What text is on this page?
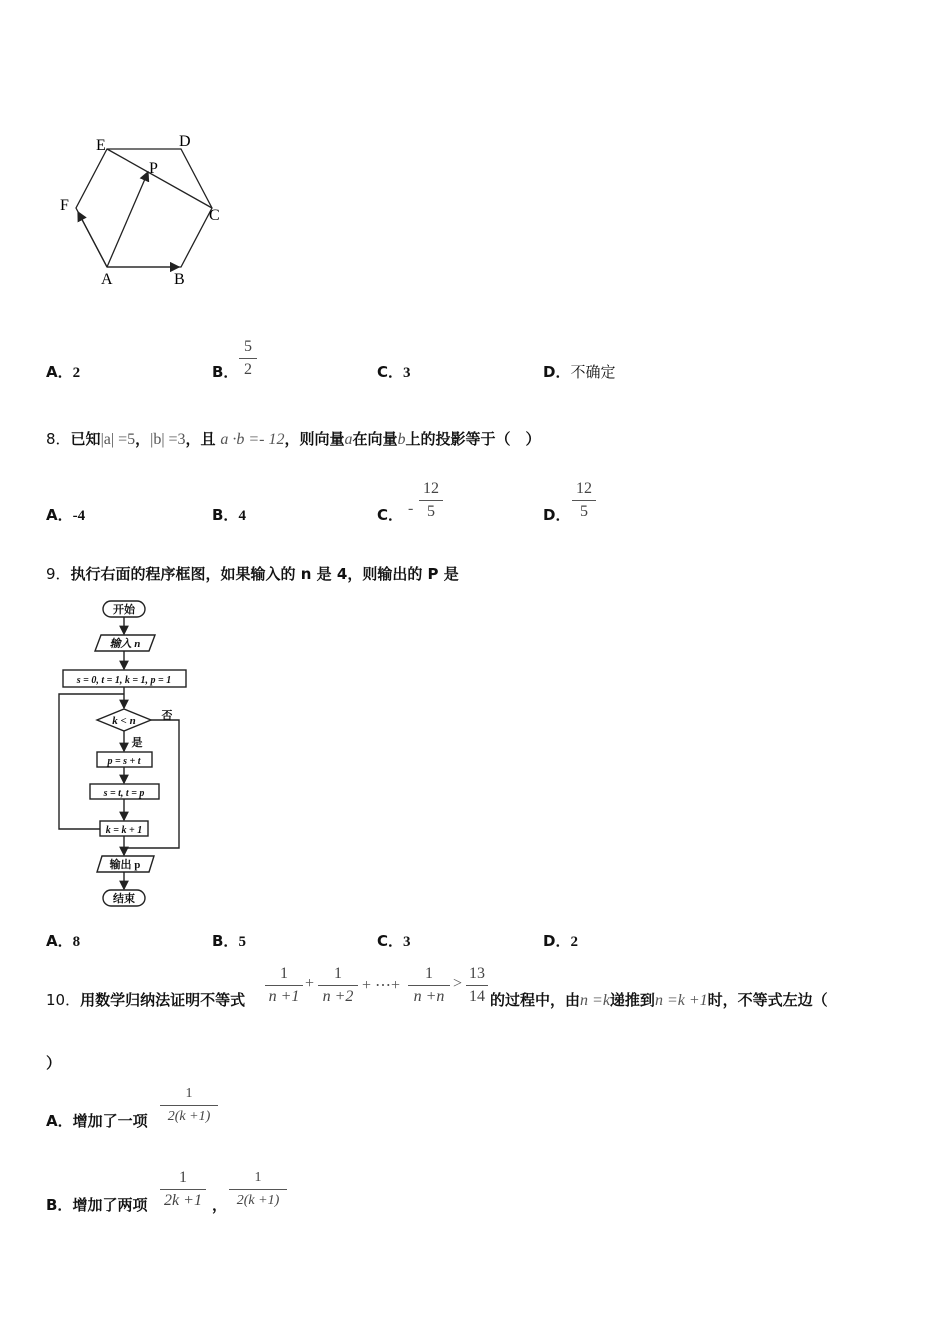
A	B
C
D
E
F
P
A．2	B．
5
2	C．3	D．不确定
8．已知|a| =5，|b| =3，且 a ·b =- 12，则向量a在向量b上的投影等于（　）
A．-4	B．4	C． -
12
5	D．
12
5
9．执行右面的程序框图，如果输入的 n 是 4，则输出的 P 是
开始
输入 n
s = 0, t = 1, k = 1, p = 1
k < n 否
是
p = s + t
s = t, t = p
k = k + 1
输出 p
结束
A．8	B．5	C．3	D．2
10．用数学归纳法证明不等式
1
n +1
+
1
n +2
+ ⋯+
1
n +n
>
13
14 的过程中，由n =k递推到n =k +1时，不等式左边（
）
A．增加了一项
1
2(k +1)
B．增加了两项
1
2k +1 ，
1
2(k +1)
